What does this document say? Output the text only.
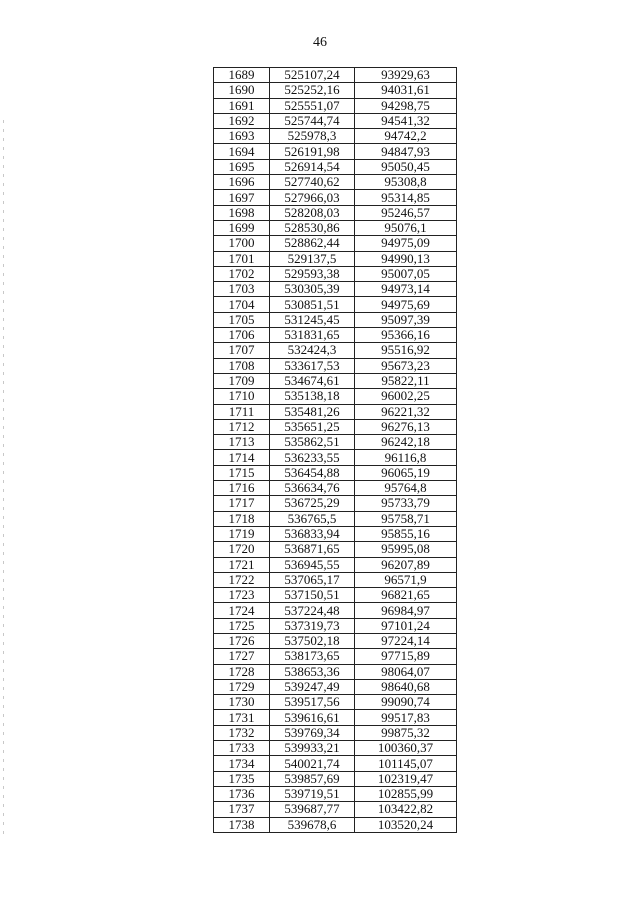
46
1689	525107,24	93929,63
1690	525252,16	94031,61
1691	525551,07	94298,75
1692	525744,74	94541,32
1693	525978,3	94742,2
1694	526191,98	94847,93
1695	526914,54	95050,45
1696	527740,62	95308,8
1697	527966,03	95314,85
1698	528208,03	95246,57
1699	528530,86	95076,1
1700	528862,44	94975,09
1701	529137,5	94990,13
1702	529593,38	95007,05
1703	530305,39	94973,14
1704	530851,51	94975,69
1705	531245,45	95097,39
1706	531831,65	95366,16
1707	532424,3	95516,92
1708	533617,53	95673,23
1709	534674,61	95822,11
1710	535138,18	96002,25
1711	535481,26	96221,32
1712	535651,25	96276,13
1713	535862,51	96242,18
1714	536233,55	96116,8
1715	536454,88	96065,19
1716	536634,76	95764,8
1717	536725,29	95733,79
1718	536765,5	95758,71
1719	536833,94	95855,16
1720	536871,65	95995,08
1721	536945,55	96207,89
1722	537065,17	96571,9
1723	537150,51	96821,65
1724	537224,48	96984,97
1725	537319,73	97101,24
1726	537502,18	97224,14
1727	538173,65	97715,89
1728	538653,36	98064,07
1729	539247,49	98640,68
1730	539517,56	99090,74
1731	539616,61	99517,83
1732	539769,34	99875,32
1733	539933,21	100360,37
1734	540021,74	101145,07
1735	539857,69	102319,47
1736	539719,51	102855,99
1737	539687,77	103422,82
1738	539678,6	103520,24
